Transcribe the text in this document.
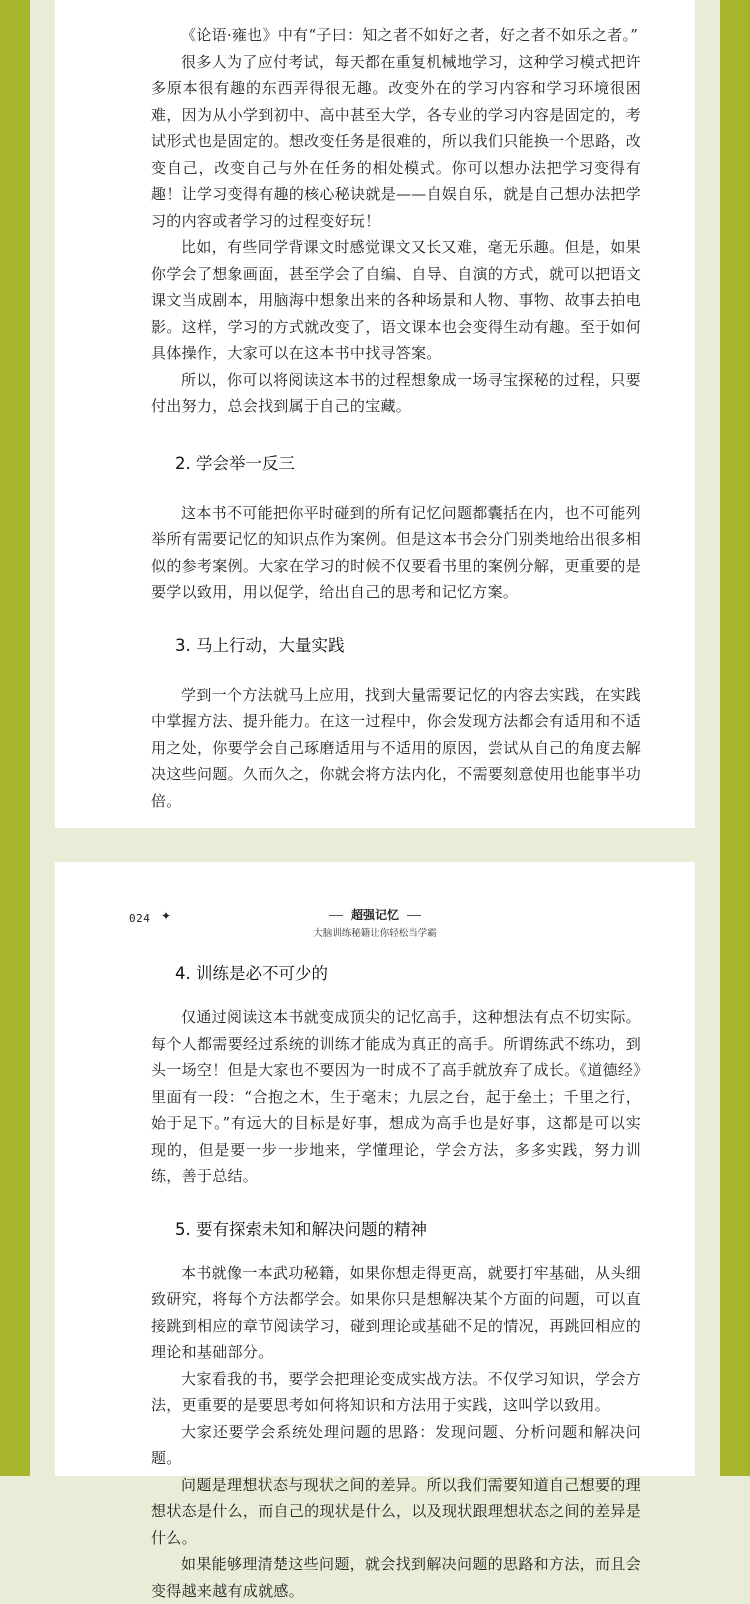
《论语·雍也》中有“子曰：知之者不如好之者，好之者不如乐之者。”

很多人为了应付考试，每天都在重复机械地学习，这种学习模式把许多原本很有趣的东西弄得很无趣。改变外在的学习内容和学习环境很困难，因为从小学到初中、高中甚至大学，各专业的学习内容是固定的，考试形式也是固定的。想改变任务是很难的，所以我们只能换一个思路，改变自己，改变自己与外在任务的相处模式。你可以想办法把学习变得有趣！让学习变得有趣的核心秘诀就是——自娱自乐，就是自己想办法把学习的内容或者学习的过程变好玩！

比如，有些同学背课文时感觉课文又长又难，毫无乐趣。但是，如果你学会了想象画面，甚至学会了自编、自导、自演的方式，就可以把语文课文当成剧本，用脑海中想象出来的各种场景和人物、事物、故事去拍电影。这样，学习的方式就改变了，语文课本也会变得生动有趣。至于如何具体操作，大家可以在这本书中找寻答案。

所以，你可以将阅读这本书的过程想象成一场寻宝探秘的过程，只要付出努力，总会找到属于自己的宝藏。

2. 学会举一反三

这本书不可能把你平时碰到的所有记忆问题都囊括在内，也不可能列举所有需要记忆的知识点作为案例。但是这本书会分门别类地给出很多相似的参考案例。大家在学习的时候不仅要看书里的案例分解，更重要的是要学以致用，用以促学，给出自己的思考和记忆方案。

3. 马上行动，大量实践

学到一个方法就马上应用，找到大量需要记忆的内容去实践，在实践中掌握方法、提升能力。在这一过程中，你会发现方法都会有适用和不适用之处，你要学会自己琢磨适用与不适用的原因，尝试从自己的角度去解决这些问题。久而久之，你就会将方法内化，不需要刻意使用也能事半功倍。

024 ✦	超强记忆
大脑训练秘籍让你轻松当学霸
4. 训练是必不可少的

仅通过阅读这本书就变成顶尖的记忆高手，这种想法有点不切实际。每个人都需要经过系统的训练才能成为真正的高手。所谓练武不练功，到头一场空！但是大家也不要因为一时成不了高手就放弃了成长。《道德经》里面有一段：“合抱之木，生于毫末；九层之台，起于垒土；千里之行，始于足下。”有远大的目标是好事，想成为高手也是好事，这都是可以实现的，但是要一步一步地来，学懂理论，学会方法，多多实践，努力训练，善于总结。

5. 要有探索未知和解决问题的精神

本书就像一本武功秘籍，如果你想走得更高，就要打牢基础，从头细致研究，将每个方法都学会。如果你只是想解决某个方面的问题，可以直接跳到相应的章节阅读学习，碰到理论或基础不足的情况，再跳回相应的理论和基础部分。

大家看我的书，要学会把理论变成实战方法。不仅学习知识，学会方法，更重要的是要思考如何将知识和方法用于实践，这叫学以致用。

大家还要学会系统处理问题的思路：发现问题、分析问题和解决问题。

问题是理想状态与现状之间的差异。所以我们需要知道自己想要的理想状态是什么，而自己的现状是什么，以及现状跟理想状态之间的差异是什么。

如果能够理清楚这些问题，就会找到解决问题的思路和方法，而且会变得越来越有成就感。
